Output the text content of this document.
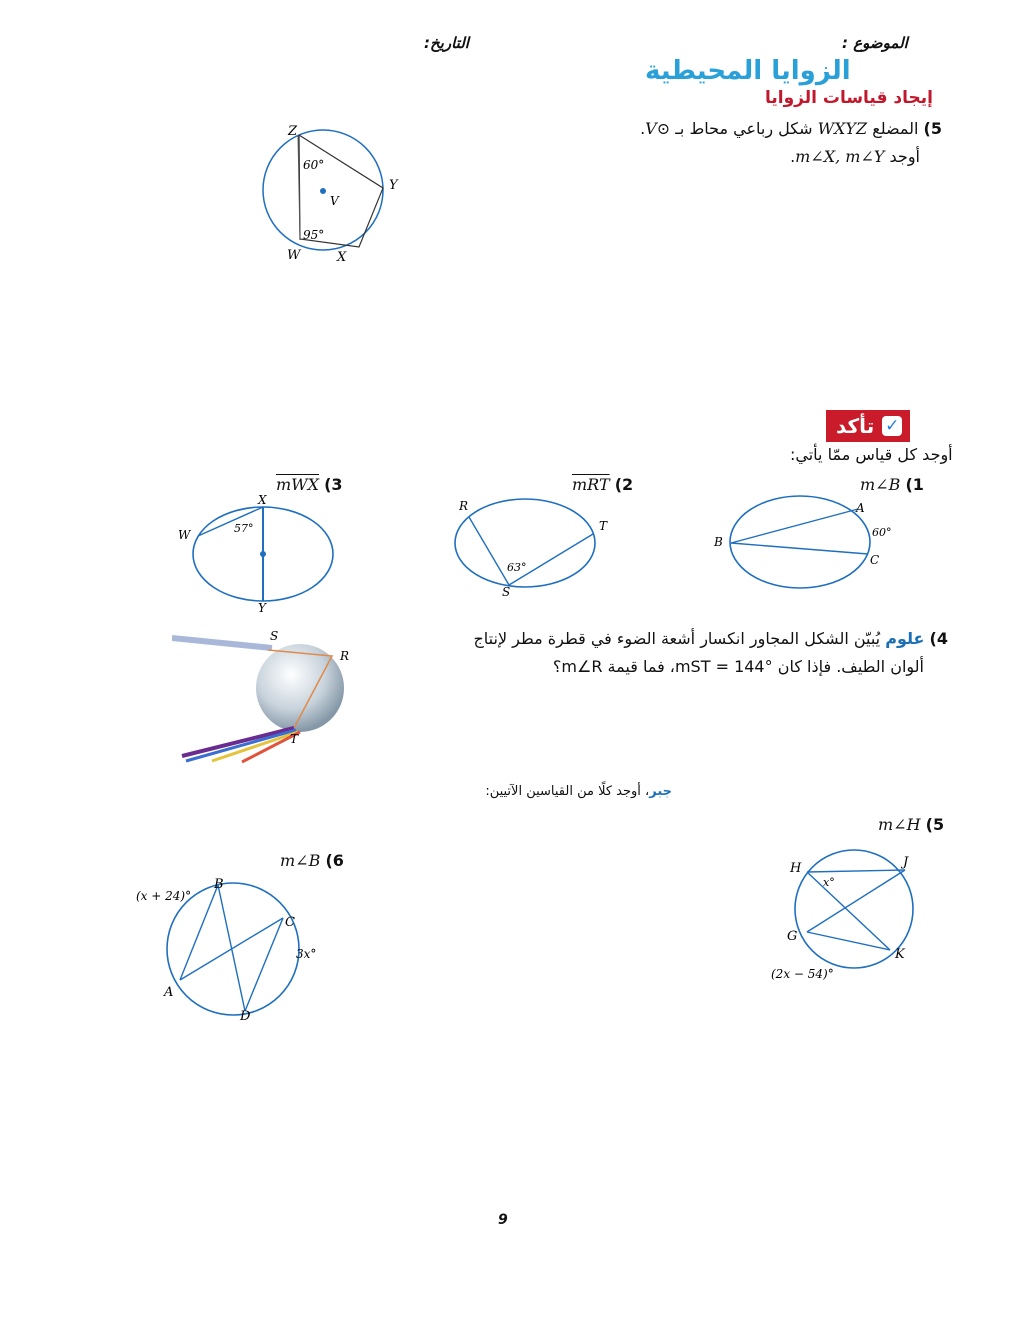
الموضوع :
التاريخ:
الزوايا المحيطية
إيجاد قياسات الزوايا
5) المضلع WXYZ شكل رباعي محاط بـ ⊙V.
أوجد m∠X, m∠Y.
Z
Y
X
W
V
60°
95°
تأكد ✓
أوجد كل قياس ممّا يأتي:
1) m∠B
2) mRT
3) mWX
A
B
C
60°
R
T
S
63°
X
W
Y
57°
4) علوم يُبيّن الشكل المجاور انكسار أشعة الضوء في قطرة مطر لإنتاج
ألوان الطيف. فإذا كان mST = 144°، فما قيمة m∠R؟
S
R
T
جبر، أوجد كلًا من القياسين الآتيين:
5) m∠H
H	J
G
K
x°
(2x − 54)°
6) m∠B
B
C
A
D
(x + 24)°
3x°
9
